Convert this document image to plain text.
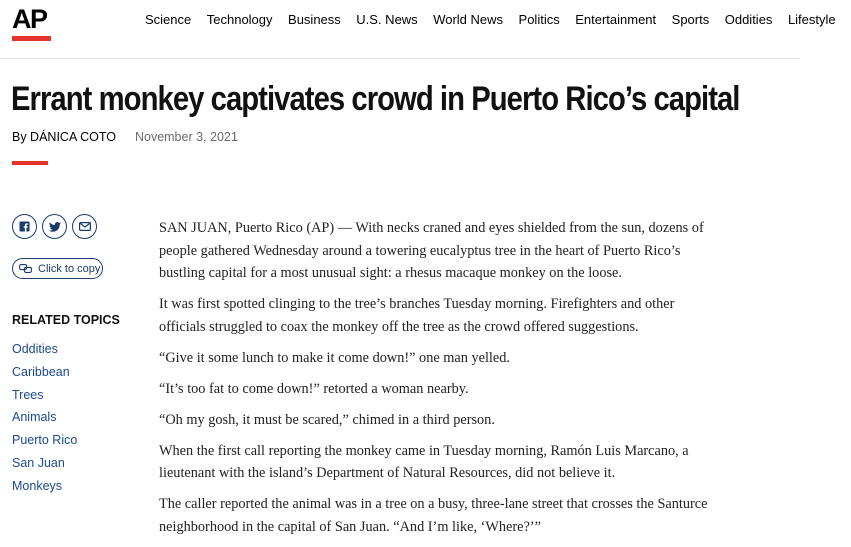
AP	Science Technology Business U.S. News World News Politics Entertainment Sports Oddities Lifestyle
Errant monkey captivates crowd in Puerto Rico’s capital
By DÁNICA COTO November 3, 2021
Click to copy
RELATED TOPICS
Oddities
Caribbean
Trees
Animals
Puerto Rico
San Juan
Monkeys

SAN JUAN, Puerto Rico (AP) — With necks craned and eyes shielded from the sun, dozens of people gathered Wednesday around a towering eucalyptus tree in the heart of Puerto Rico’s bustling capital for a most unusual sight: a rhesus macaque monkey on the loose.

It was first spotted clinging to the tree’s branches Tuesday morning. Firefighters and other officials struggled to coax the monkey off the tree as the crowd offered suggestions.

“Give it some lunch to make it come down!” one man yelled.

“It’s too fat to come down!” retorted a woman nearby.

“Oh my gosh, it must be scared,” chimed in a third person.

When the first call reporting the monkey came in Tuesday morning, Ramón Luis Marcano, a lieutenant with the island’s Department of Natural Resources, did not believe it.

The caller reported the animal was in a tree on a busy, three-lane street that crosses the Santurce neighborhood in the capital of San Juan. “And I’m like, ‘Where?’”
